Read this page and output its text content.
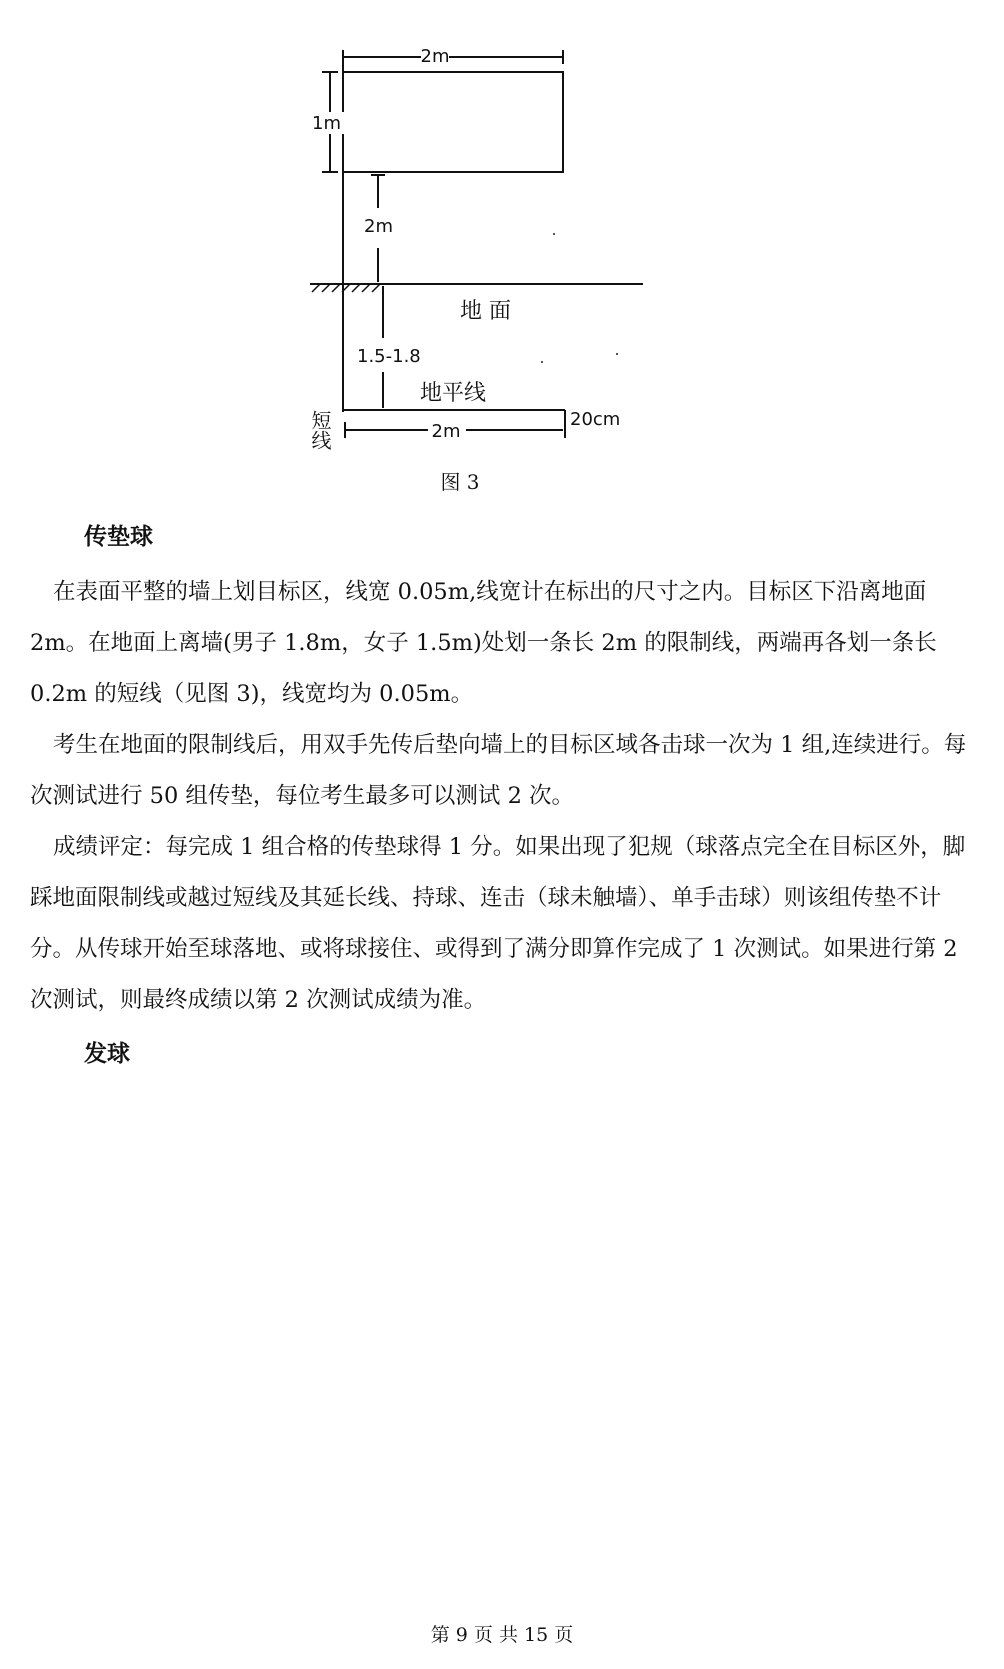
2m
1m
2m
地 面
1.5-1.8
地平线
短线	2m
20cm
图 3
传垫球

在表面平整的墙上划目标区，线宽 0.05m,线宽计在标出的尺寸之内。目标区下沿离地面 2m。在地面上离墙(男子 1.8m，女子 1.5m)处划一条长 2m 的限制线，两端再各划一条长 0.2m 的短线（见图 3)，线宽均为 0.05m。

考生在地面的限制线后，用双手先传后垫向墙上的目标区域各击球一次为 1 组,连续进行。每次测试进行 50 组传垫，每位考生最多可以测试 2 次。

成绩评定：每完成 1 组合格的传垫球得 1 分。如果出现了犯规（球落点完全在目标区外，脚踩地面限制线或越过短线及其延长线、持球、连击（球未触墙）、单手击球）则该组传垫不计分。从传球开始至球落地、或将球接住、或得到了满分即算作完成了 1 次测试。如果进行第 2 次测试，则最终成绩以第 2 次测试成绩为准。

发球
第 9 页 共 15 页
